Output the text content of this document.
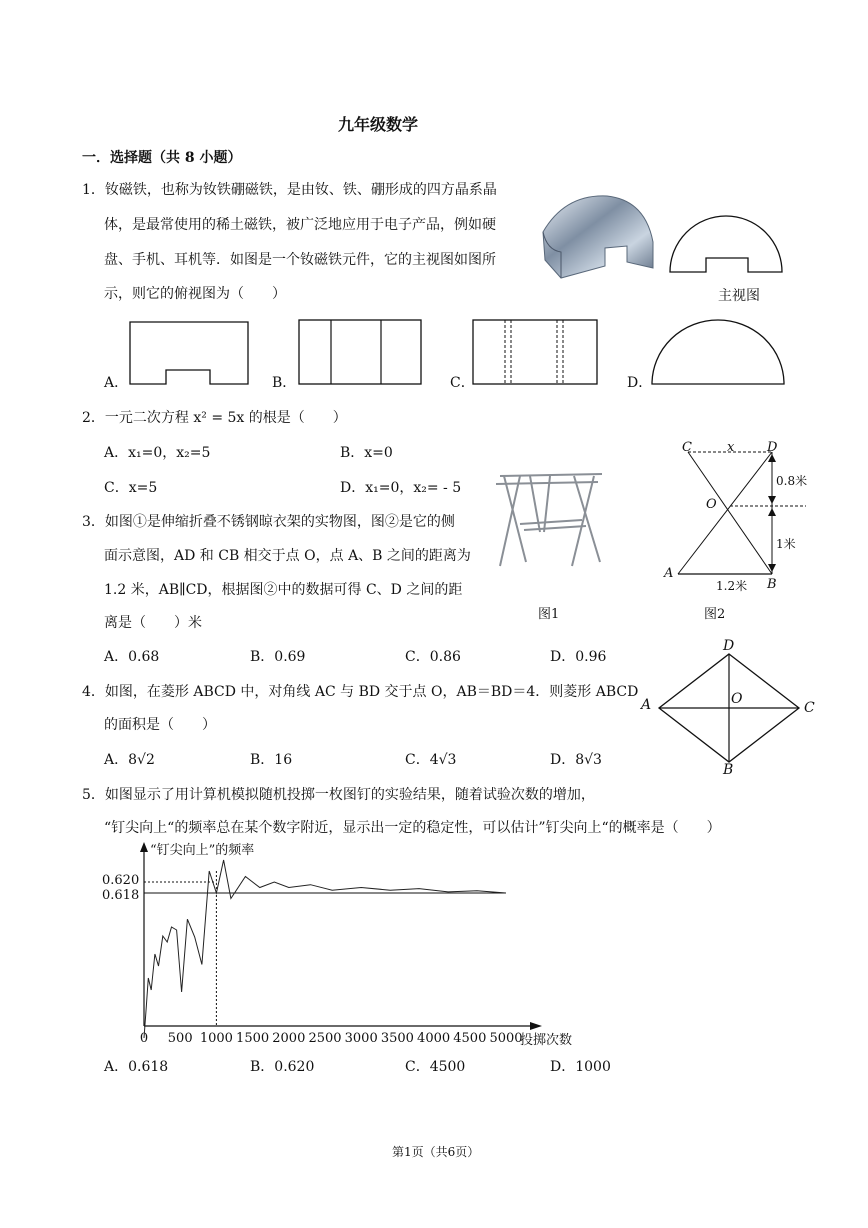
九年级数学
一．选择题（共 8 小题）
1．钕磁铁，也称为钕铁硼磁铁，是由钕、铁、硼形成的四方晶系晶
体，是最常使用的稀土磁铁，被广泛地应用于电子产品，例如硬
盘、手机、耳机等．如图是一个钕磁铁元件，它的主视图如图所
示，则它的俯视图为（　　）	主视图
A．	B．	C．	D．
2．一元二次方程 x² = 5x 的根是（　　）
A．x₁=0，x₂=5	B．x=0
C．x=5	D．x₁=0，x₂= - 5
3．如图①是伸缩折叠不锈钢晾衣架的实物图，图②是它的侧
面示意图，AD 和 CB 相交于点 O，点 A、B 之间的距离为
1.2 米，AB∥CD，根据图②中的数据可得 C、D 之间的距
离是（　　）米
图1
C	x	D
0.8米
O
1米
A
1.2米 B
图2
A．0.68	B．0.69	C．0.86	D．0.96
4．如图，在菱形 ABCD 中，对角线 AC 与 BD 交于点 O，AB＝BD＝4．则菱形 ABCD
的面积是（　　）
D
A	O
C
B
A．8√2	B．16	C．4√3	D．8√3
5．如图显示了用计算机模拟随机投掷一枚图钉的实验结果，随着试验次数的增加，
“钉尖向上“的频率总在某个数字附近，显示出一定的稳定性，可以估计”钉尖向上“的概率是（　　）
“钉尖向上”的频率
投掷次数
0.618
0.620
0 500 1000 1500 2000 2500 3000 3500 4000 4500 5000
A．0.618	B．0.620	C．4500	D．1000
第1页（共6页）
